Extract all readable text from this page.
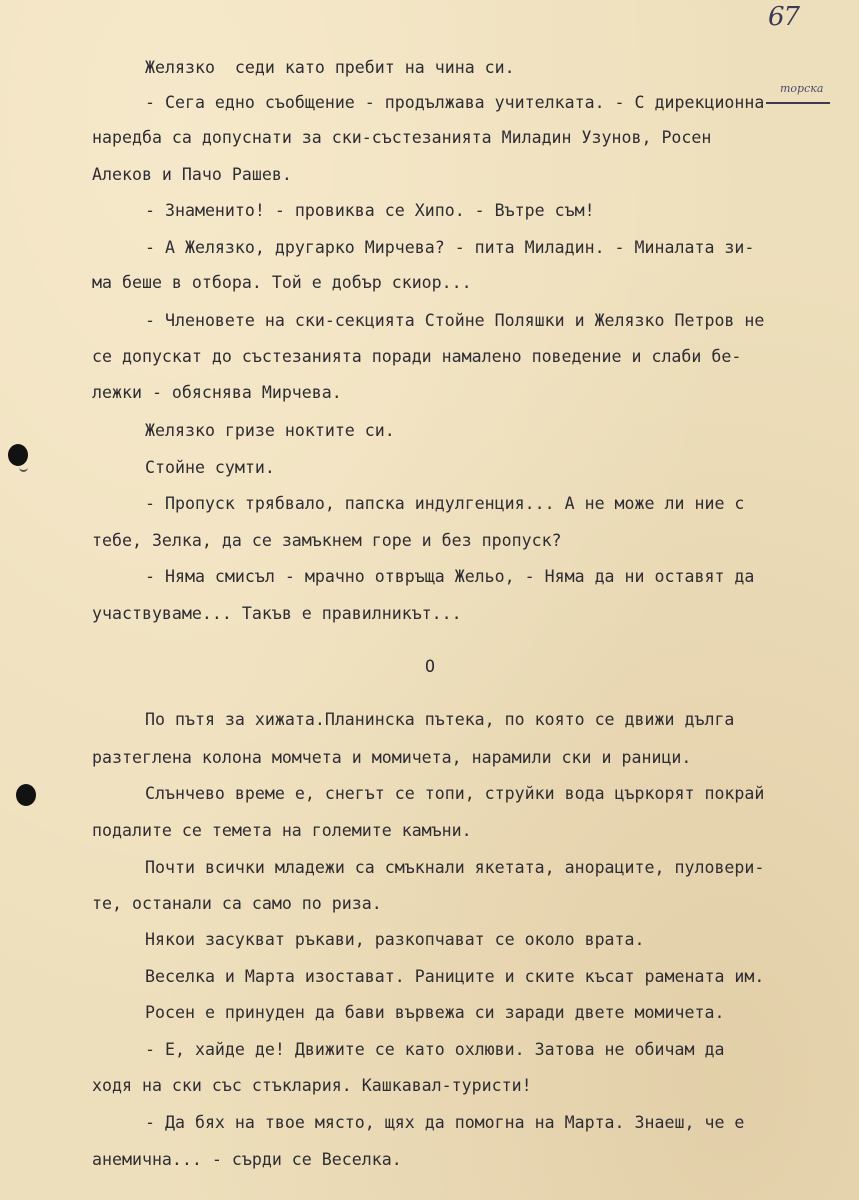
67
торска

Желязко  седи като пребит на чина си.

- Сега едно съобщение - продължава учителката. - С дирекционна

наредба са допуснати за ски-състезанията Миладин Узунов, Росен

Алеков и Пачо Рашев.

- Знаменито! - провиква се Хипо. - Вътре съм!

- А Желязко, другарко Мирчева? - пита Миладин. - Миналата зи-

ма беше в отбора. Той е добър скиор...

- Членовете на ски-секцията Стойне Поляшки и Желязко Петров не

се допускат до състезанията поради намалено поведение и слаби бе-

лежки - обяснява Мирчева.

Желязко гризе ноктите си.

Стойне сумти.

- Пропуск трябвало, папска индулгенция... А не може ли ние с

тебе, Зелка, да се замъкнем горе и без пропуск?

- Няма смисъл - мрачно отвръща Жельо, - Няма да ни оставят да

участвуваме... Такъв е правилникът...

О

По пътя за хижата.Планинска пътека, по която се движи дълга

разтеглена колона момчета и момичета, нарамили ски и раници.

Слънчево време е, снегът се топи, струйки вода църкорят покрай

подалите се темета на големите камъни.

Почти всички младежи са смъкнали якетата, анораците, пуловери-

те, останали са само по риза.

Някои засукват ръкави, разкопчават се около врата.

Веселка и Марта изостават. Раниците и ските късат рамената им.

Росен е принуден да бави вървежа си заради двете момичета.

- Е, хайде де! Движите се като охлюви. Затова не обичам да

ходя на ски със стъклария. Кашкавал-туристи!

- Да бях на твое място, щях да помогна на Марта. Знаеш, че е

анемична... - сърди се Веселка.
